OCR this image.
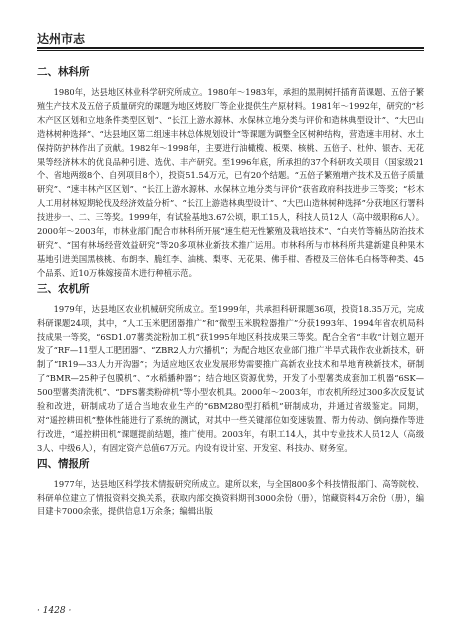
达州市志
二、林科所

1980年，达县地区林业科学研究所成立。1980年～1983年，承担的黑荆树扦插育苗课题、五倍子繁殖生产技术及五倍子质量研究的课题为地区烤胶厂等企业提供生产原材料。1981年～1992年，研究的“杉木产区区划和立地条件类型区划”、“长江上游水源林、水保林立地分类与评价和造林典型设计”、“大巴山造林树种选择”、“达县地区第二组速丰林总体规划设计”等课题为调整全区树种结构，营造速丰用材、水土保持防护林作出了贡献。1982年～1998年，主要进行油橄榄、板栗、核桃、五倍子、杜仲、银杏、无花果等经济林木的优良品种引进、选优、丰产研究。至1996年底，所承担的37个科研攻关项目（国家级21个、省地两级8个、自列项目8个），投资51.54万元，已有20个结题。“五倍子繁殖增产技术及五倍子质量研究”、“速丰林产区区划”、“长江上游水源林、水保林立地分类与评价”获省政府科技进步三等奖；“杉木人工用材林短期轮伐及经济效益分析”、“长江上游造林典型设计”、“大巴山造林树种选择”分获地区行署科技进步一、二、三等奖。1999年，有试验基地3.67公顷，职工15人，科技人员12人（高中级职称6人）。2000年～2003年，市林业部门配合市林科所开展“速生桤无性繁殖及栽培技术”、“白夹竹等楠丛防治技术研究”、“国有林场经营效益研究”等20多项林业新技术推广运用。市林科所与市林科所共建新建良种果木基地引进美国黑核桃、布朗李、脆红李、油桃、梨枣、无花果、佛手柑、香橙及三倍体毛白杨等种类、45个品系、近10万株嫁接苗木进行种植示范。

三、农机所

1979年，达县地区农业机械研究所成立。至1999年，共承担科研课题36项，投资18.35万元，完成科研课题24项，其中，“人工玉米肥团器推广”和“微型玉米脱粒器推广”分获1993年、1994年省农机局科技成果一等奖，“6SD1.07薯类淀粉加工机”获1995年地区科技成果三等奖。配合全省“丰收”计划立题开发了“RF—11型人工肥团器”、“ZBR2人力穴播机”；为配合地区农业部门推广半旱式栽作农业新技术，研制了“IR19—33人力开沟器”；为适应地区农业发展形势需要推广高新农业技术和旱地育秧新技术，研制了“BMR—25种子包膜机”、“水稻播种器”；结合地区资源优势，开发了小型薯类成套加工机器“6SK—500型薯类清洗机”、“DFS薯类粉碎机”等小型农机具。2000年～2003年，市农机所经过300多次反复试验和改进，研制成功了适合当地农业生产的“6BM280型打稻机”研制成功，并通过省级鉴定。同期，对“遥控耕田机”整体性能进行了系统的测试，对其中一些关键部位如变速装置、帮力传动、倒向操作等进行改进，“遥控耕田机”课题提前结题，推广使用。2003年，有职工14人，其中专业技术人员12人（高级3人、中级6人），有固定资产总值67万元。内设有设计室、开发室、科技办、财务室。

四、情报所

1977年，达县地区科学技术情报研究所成立。建所以来，与全国800多个科技情报部门、高等院校、科研单位建立了情报资料交换关系，获取内部交换资料期刊3000余份（册），馆藏资料4万余份（册），编目建卡7000余张，提供信息1万余条；编辑出版

· 1428 ·
